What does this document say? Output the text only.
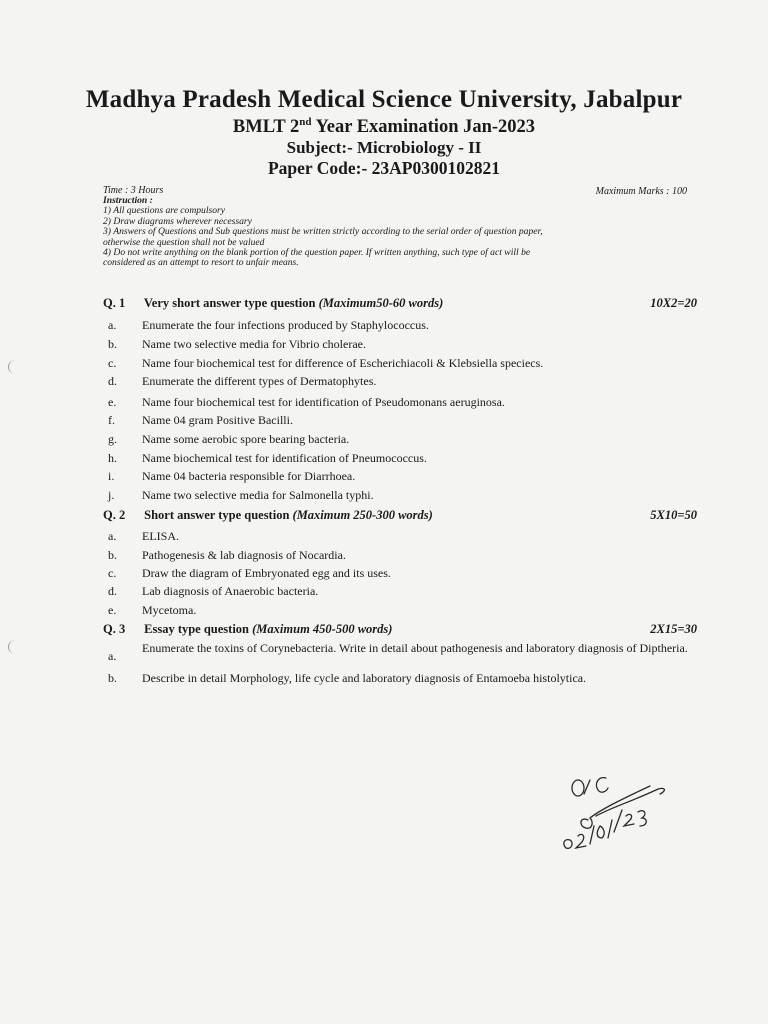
Madhya Pradesh Medical Science University, Jabalpur
BMLT 2nd Year Examination Jan-2023
Subject:- Microbiology - II
Paper Code:- 23AP0300102821
Time : 3 Hours	Maximum Marks : 100
Instruction :
1) All questions are compulsory
2) Draw diagrams wherever necessary
3) Answers of Questions and Sub questions must be written strictly according to the serial order of question paper,
otherwise the question shall not be valued
4) Do not write anything on the blank portion of the question paper. If written anything, such type of act will be
considered as an attempt to resort to unfair means.
Q. 1 Very short answer type question (Maximum50-60 words)	10X2=20
a.	Enumerate the four infections produced by Staphylococcus.
b.	Name two selective media for Vibrio cholerae.
c.	Name four biochemical test for difference of Escherichiacoli & Klebsiella speciecs.
d.	Enumerate the different types of Dermatophytes.
e.	Name four biochemical test for identification of Pseudomonans aeruginosa.
f.	Name 04 gram Positive Bacilli.
g.	Name some aerobic spore bearing bacteria.
h.	Name biochemical test for identification of Pneumococcus.
i.	Name 04 bacteria responsible for Diarrhoea.
j.	Name two selective media for Salmonella typhi.
Q. 2 Short answer type question (Maximum 250-300 words)	5X10=50
a.	ELISA.
b.	Pathogenesis & lab diagnosis of Nocardia.
c.	Draw the diagram of Embryonated egg and its uses.
d.	Lab diagnosis of Anaerobic bacteria.
e.	Mycetoma.
Q. 3 Essay type question (Maximum 450-500 words)	2X15=30
a.
Enumerate the toxins of Corynebacteria. Write in detail about pathogenesis and laboratory diagnosis of Diptheria.
b.	Describe in detail Morphology, life cycle and laboratory diagnosis of Entamoeba histolytica.
